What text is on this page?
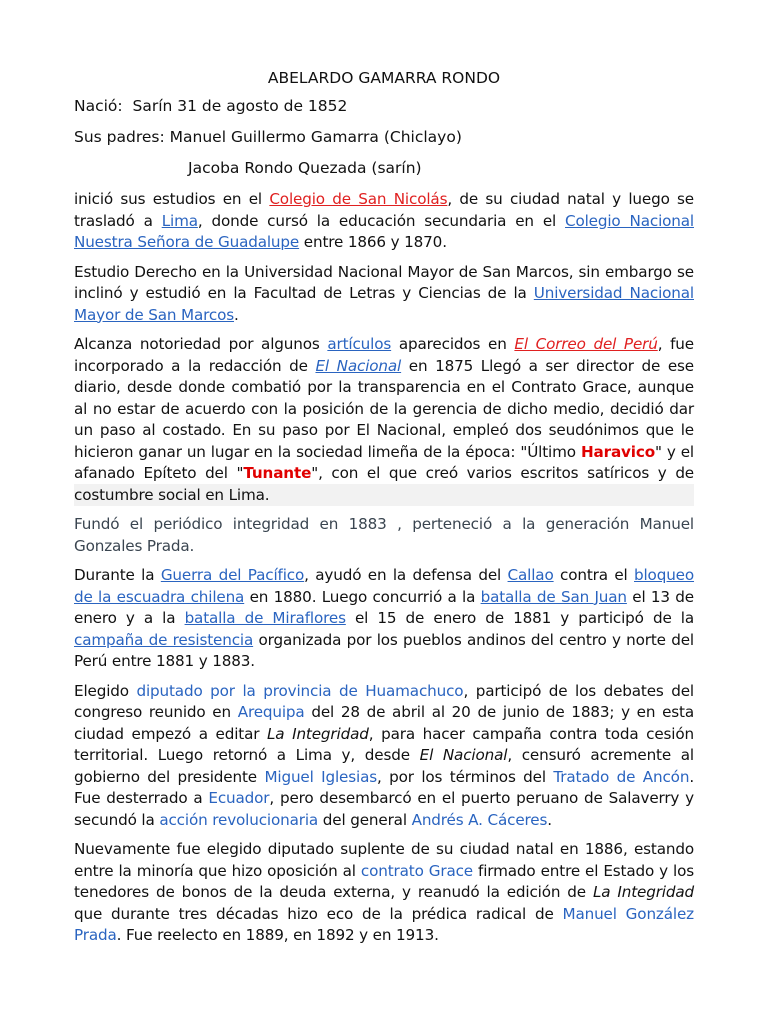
ABELARDO GAMARRA RONDO
Nació: Sarín 31 de agosto de 1852
Sus padres: Manuel Guillermo Gamarra (Chiclayo)
Jacoba Rondo Quezada (sarín)

inició sus estudios en el Colegio de San Nicolás, de su ciudad natal y luego se trasladó a Lima, donde cursó la educación secundaria en el Colegio Nacional Nuestra Señora de Guadalupe entre 1866 y 1870.

Estudio Derecho en la Universidad Nacional Mayor de San Marcos, sin embargo se inclinó y estudió en la Facultad de Letras y Ciencias de la Universidad Nacional Mayor de San Marcos.

Alcanza notoriedad por algunos artículos aparecidos en El Correo del Perú, fue incorporado a la redacción de El Nacional en 1875 Llegó a ser director de ese diario, desde donde combatió por la transparencia en el Contrato Grace, aunque al no estar de acuerdo con la posición de la gerencia de dicho medio, decidió dar un paso al costado. En su paso por El Nacional, empleó dos seudónimos que le hicieron ganar un lugar en la sociedad limeña de la época: "Último Haravico" y el afanado Epíteto del "Tunante", con el que creó varios escritos satíricos y de costumbre social en Lima.

Fundó el periódico integridad en 1883 , perteneció a la generación Manuel Gonzales Prada.

Durante la Guerra del Pacífico, ayudó en la defensa del Callao contra el bloqueo de la escuadra chilena en 1880. Luego concurrió a la batalla de San Juan el 13 de enero y a la batalla de Miraflores el 15 de enero de 1881 y participó de la campaña de resistencia organizada por los pueblos andinos del centro y norte del Perú entre 1881 y 1883.

Elegido diputado por la provincia de Huamachuco, participó de los debates del congreso reunido en Arequipa del 28 de abril al 20 de junio de 1883; y en esta ciudad empezó a editar La Integridad, para hacer campaña contra toda cesión territorial. Luego retornó a Lima y, desde El Nacional, censuró acremente al gobierno del presidente Miguel Iglesias, por los términos del Tratado de Ancón. Fue desterrado a Ecuador, pero desembarcó en el puerto peruano de Salaverry y secundó la acción revolucionaria del general Andrés A. Cáceres.

Nuevamente fue elegido diputado suplente de su ciudad natal en 1886, estando entre la minoría que hizo oposición al contrato Grace firmado entre el Estado y los tenedores de bonos de la deuda externa, y reanudó la edición de La Integridad que durante tres décadas hizo eco de la prédica radical de Manuel González Prada. Fue reelecto en 1889, en 1892 y en 1913.
